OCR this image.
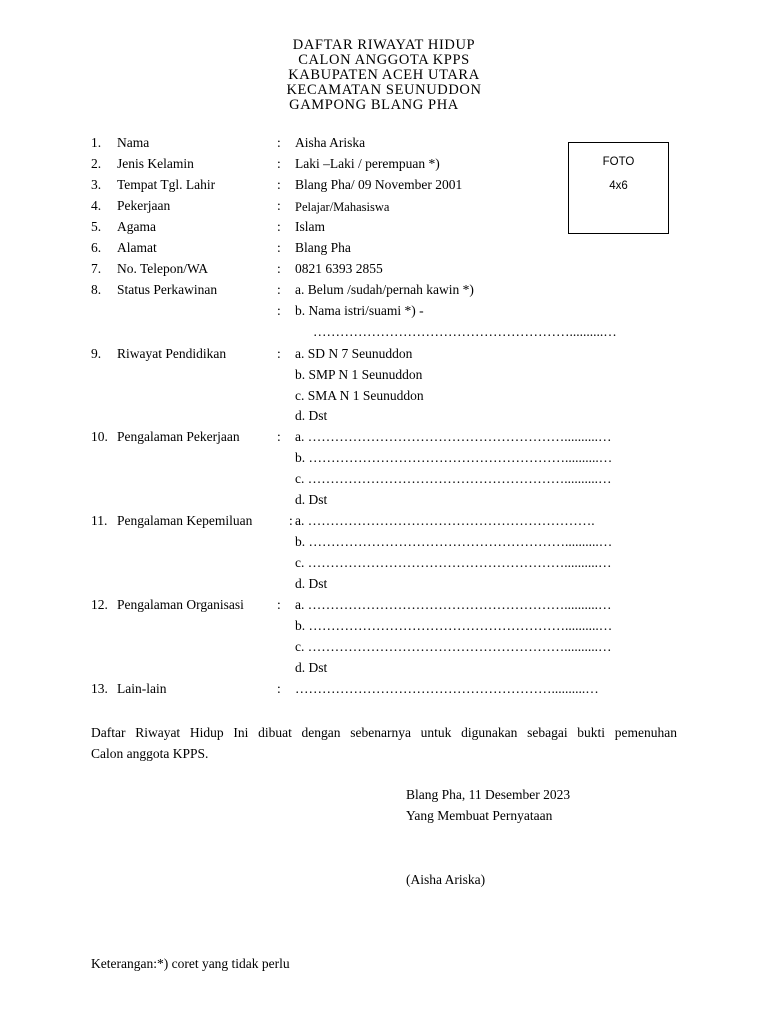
DAFTAR RIWAYAT HIDUP
CALON ANGGOTA KPPS
KABUPATEN ACEH UTARA
KECAMATAN SEUNUDDON
GAMPONG BLANG PHA
FOTO
4x6
1. Nama	: Aisha Ariska
2. Jenis Kelamin	: Laki –Laki / perempuan *)
3. Tempat Tgl. Lahir	: Blang Pha/ 09 November 2001
4. Pekerjaan	: Pelajar/Mahasiswa
5. Agama	: Islam
6. Alamat	: Blang Pha
7. No. Telepon/WA	: 0821 6393 2855
8. Status Perkawinan	: a. Belum /sudah/pernah kawin *)
: b. Nama istri/suami *) -
…………………………………………………..........…
9. Riwayat Pendidikan	: a. SD N 7 Seunuddon
b. SMP N 1 Seunuddon
c. SMA N 1 Seunuddon
d. Dst
10. Pengalaman Pekerjaan	: a. …………………………………………………..........…
b. …………………………………………………..........…
c. …………………………………………………..........…
d. Dst
11. Pengalaman Kepemiluan	: a. ……………………………………………………….
b. …………………………………………………..........…
c. …………………………………………………..........…
d. Dst
12. Pengalaman Organisasi : a. …………………………………………………..........…
b. …………………………………………………..........…
c. …………………………………………………..........…
d. Dst
13. Lain-lain	: …………………………………………………..........…
Daftar Riwayat Hidup Ini dibuat dengan sebenarnya untuk digunakan sebagai bukti pemenuhan
Calon anggota KPPS.
Blang Pha, 11 Desember 2023
Yang Membuat Pernyataan
(Aisha Ariska)
Keterangan:*) coret yang tidak perlu
